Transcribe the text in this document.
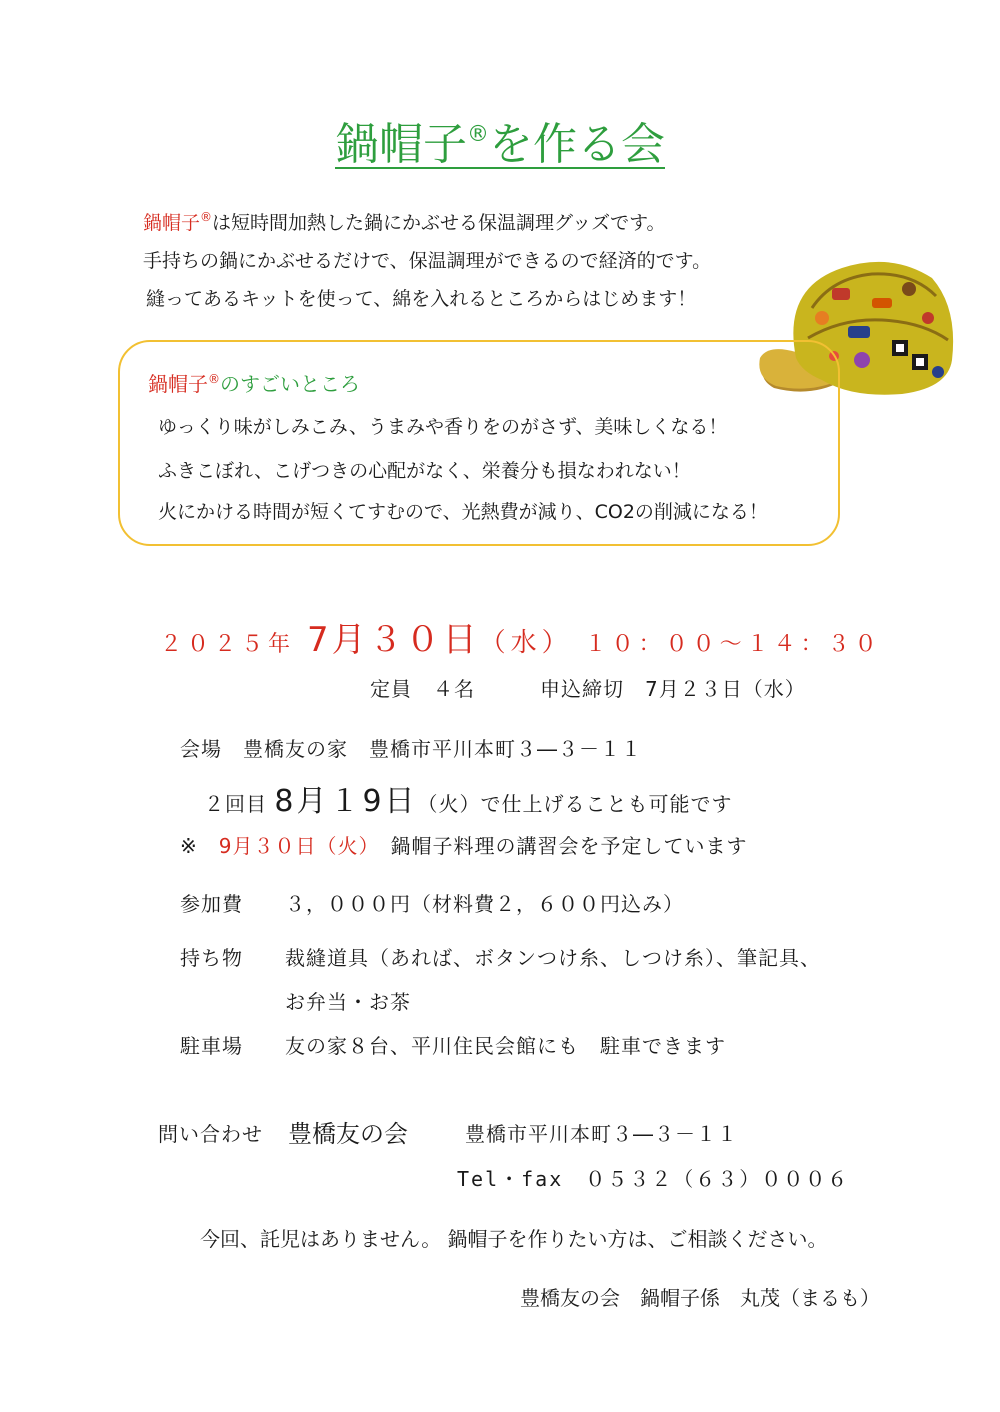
鍋帽子®を作る会
鍋帽子®は短時間加熱した鍋にかぶせる保温調理グッズです。
手持ちの鍋にかぶせるだけで、保温調理ができるので経済的です。
縫ってあるキットを使って、綿を入れるところからはじめます！
鍋帽子®のすごいところ
ゆっくり味がしみこみ、うまみや香りをのがさず、美味しくなる！
ふきこぼれ、こげつきの心配がなく、栄養分も損なわれない！
火にかける時間が短くてすむので、光熱費が減り、CO2の削減になる！
２０２５年 7月３０日（水） １０：００～１４：３０
定員　４名	申込締切　7月２３日（水）
会場　豊橋友の家　豊橋市平川本町３―３－１１
２回目 8月１9日（火）で仕上げることも可能です
※　 9月３０日（火）　 鍋帽子料理の講習会を予定しています
参加費 ３，０００円（材料費２，６００円込み）
持ち物 裁縫道具（あれば、ボタンつけ糸、しつけ糸）、筆記具、
お弁当・お茶
駐車場 友の家８台、平川住民会館にも　駐車できます
問い合わせ 豊橋友の会	豊橋市平川本町３―３－１１
Tel・fax　０５３２（６３）０００６
今回、託児はありません。 鍋帽子を作りたい方は、ご相談ください。
豊橋友の会　鍋帽子係　丸茂（まるも）
